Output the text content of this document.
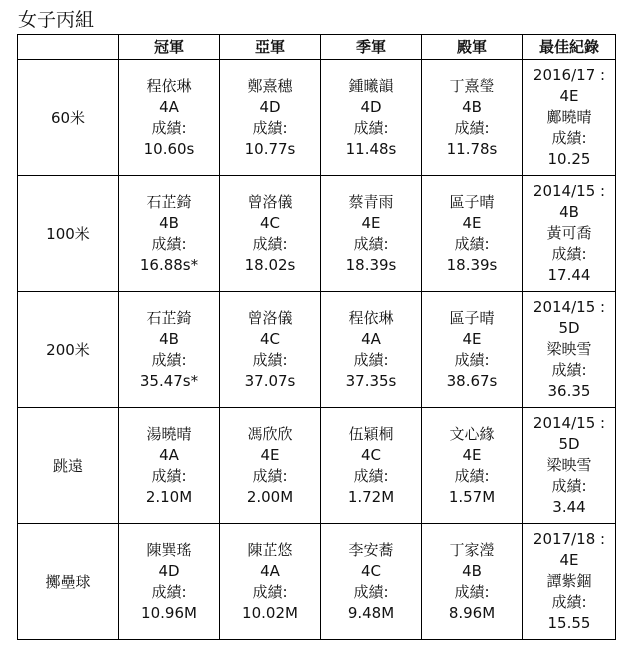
女子丙組
	冠軍	亞軍	季軍	殿軍	最佳紀錄
60米	程依琳
4A
成績:
10.60s	鄭熹穗
4D
成績:
10.77s	鍾曦韻
4D
成績:
11.48s	丁熹瑩
4B
成績:
11.78s	2016/17 :
4E
鄺曉晴
成績:
10.25

100米	石芷錡
4B
成績:
16.88s*	曾洛儀
4C
成績:
18.02s	蔡青雨
4E
成績:
18.39s	區子晴
4E
成績:
18.39s	2014/15 :
4B
黃可喬
成績:
17.44

200米	石芷錡
4B
成績:
35.47s*	曾洛儀
4C
成績:
37.07s	程依琳
4A
成績:
37.35s	區子晴
4E
成績:
38.67s	2014/15 :
5D
梁映雪
成績:
36.35

跳遠	湯曉晴
4A
成績:
2.10M	馮欣欣
4E
成績:
2.00M	伍穎桐
4C
成績:
1.72M	文心緣
4E
成績:
1.57M	2014/15 :
5D
梁映雪
成績:
3.44

擲壘球	陳巽瑤
4D
成績:
10.96M	陳芷悠
4A
成績:
10.02M	李安蕎
4C
成績:
9.48M	丁家瀅
4B
成績:
8.96M	2017/18 :
4E
譚紫錮
成績:
15.55
